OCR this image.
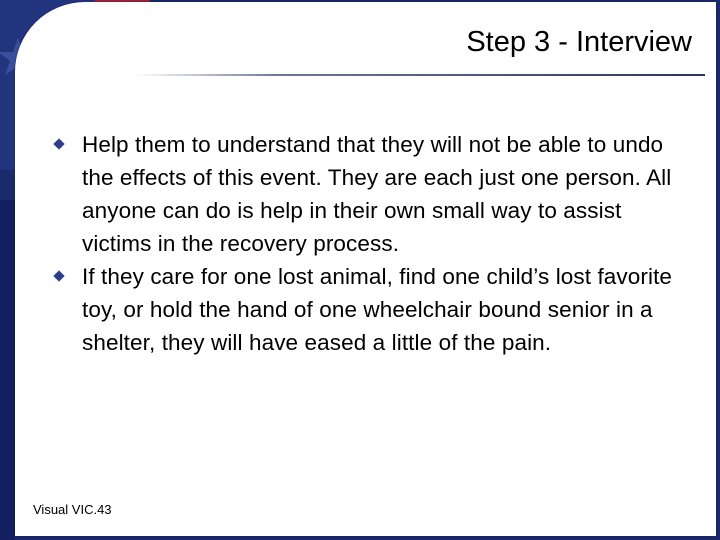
Step 3 - Interview
Help them to understand that they will not be able to undo the effects of this event. They are each just one person. All anyone can do is help in their own small way to assist victims in the recovery process.
If they care for one lost animal, find one child’s lost favorite toy, or hold the hand of one wheelchair bound senior in a shelter, they will have eased a little of the pain.
Visual VIC.43
